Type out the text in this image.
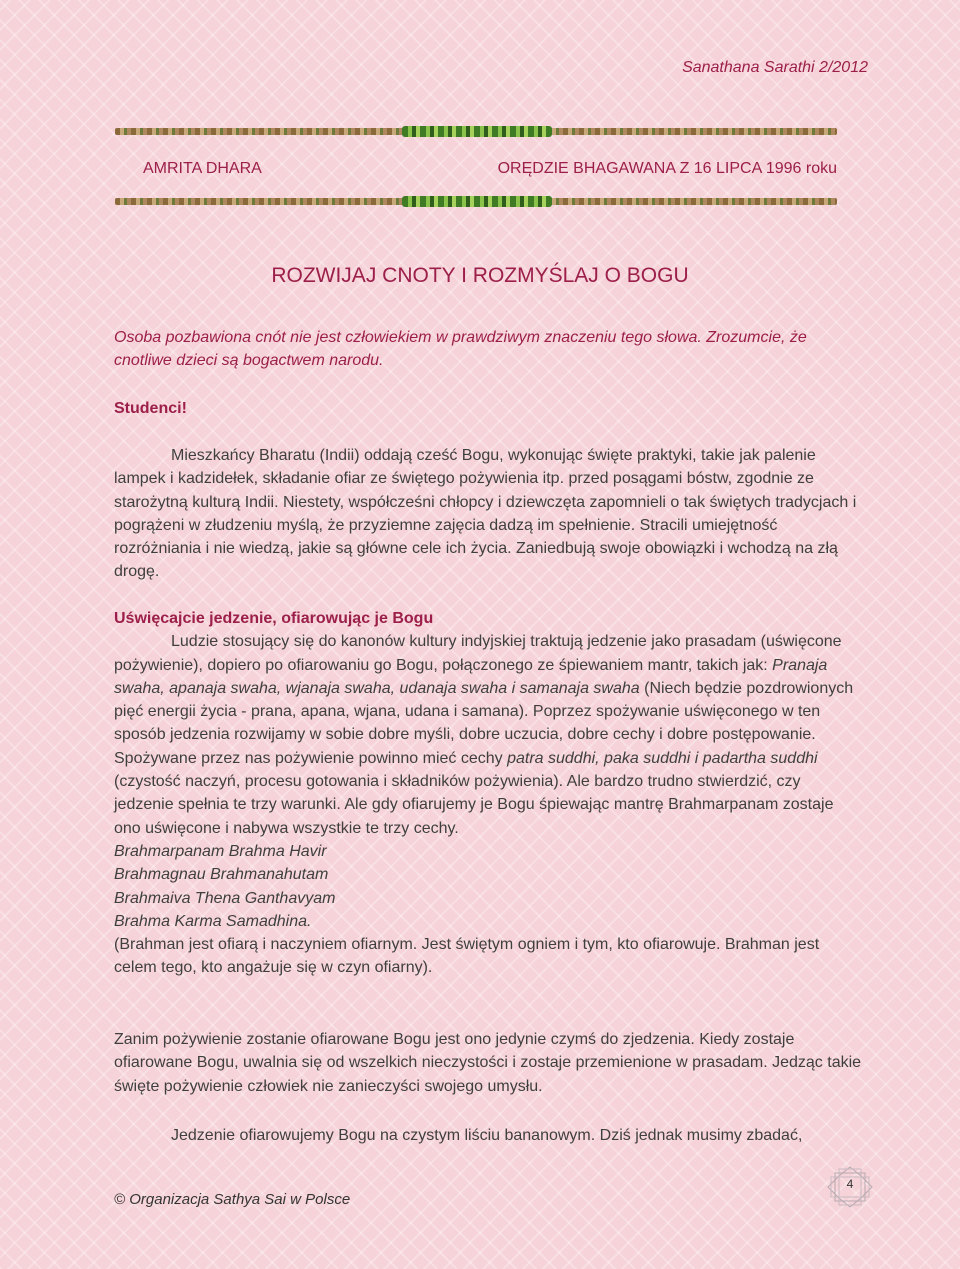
Sanathana Sarathi 2/2012
AMRITA DHARA	ORĘDZIE BHAGAWANA Z 16 LIPCA 1996 roku
ROZWIJAJ CNOTY I ROZMYŚLAJ O BOGU
Osoba pozbawiona cnót nie jest człowiekiem w prawdziwym znaczeniu tego słowa. Zrozumcie, że cnotliwe dzieci są bogactwem narodu.
Studenci!

Mieszkańcy Bharatu (Indii) oddają cześć Bogu, wykonując święte praktyki, takie jak palenie lampek i kadzidełek, składanie ofiar ze świętego pożywienia itp. przed posągami bóstw, zgodnie ze starożytną kulturą Indii. Niestety, współcześni chłopcy i dziewczęta zapomnieli o tak świętych tradycjach i pogrążeni w złudzeniu myślą, że przyziemne zajęcia dadzą im spełnienie. Stracili umiejętność rozróżniania i nie wiedzą, jakie są główne cele ich życia. Zaniedbują swoje obowiązki i wchodzą na złą drogę.

Uświęcajcie jedzenie, ofiarowując je Bogu

Ludzie stosujący się do kanonów kultury indyjskiej traktują jedzenie jako prasadam (uświęcone pożywienie), dopiero po ofiarowaniu go Bogu, połączonego ze śpiewaniem mantr, takich jak: Pranaja swaha, apanaja swaha, wjanaja swaha, udanaja swaha i samanaja swaha (Niech będzie pozdrowionych pięć energii życia - prana, apana, wjana, udana i samana). Poprzez spożywanie uświęconego w ten sposób jedzenia rozwijamy w sobie dobre myśli, dobre uczucia, dobre cechy i dobre postępowanie. Spożywane przez nas pożywienie powinno mieć cechy patra suddhi, paka suddhi i padartha suddhi (czystość naczyń, procesu gotowania i składników pożywienia). Ale bardzo trudno stwierdzić, czy jedzenie spełnia te trzy warunki. Ale gdy ofiarujemy je Bogu śpiewając mantrę Brahmarpanam zostaje ono uświęcone i nabywa wszystkie te trzy cechy.

Brahmarpanam Brahma Havir

Brahmagnau Brahmanahutam

Brahmaiva Thena Ganthavyam

Brahma Karma Samadhina.

(Brahman jest ofiarą i naczyniem ofiarnym. Jest świętym ogniem i tym, kto ofiarowuje. Brahman jest celem tego, kto angażuje się w czyn ofiarny).

Zanim pożywienie zostanie ofiarowane Bogu jest ono jedynie czymś do zjedzenia. Kiedy zostaje ofiarowane Bogu, uwalnia się od wszelkich nieczystości i zostaje przemienione w prasadam. Jedząc takie święte pożywienie człowiek nie zanieczyści swojego umysłu.

Jedzenie ofiarowujemy Bogu na czystym liściu bananowym. Dziś jednak musimy zbadać,

© Organizacja Sathya Sai w Polsce
4
